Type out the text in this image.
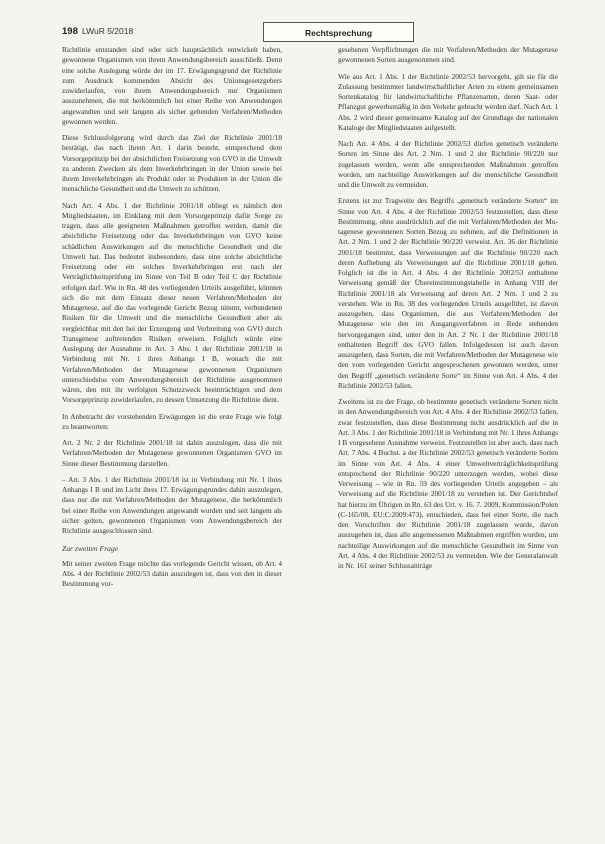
198 LWuR 5/2018	Rechtsprechung

Richtlinie entstanden sind oder sich hauptsächlich entwickelt haben, gewonnene Organismen von ihrem Anwendungsbereich ausschließt. Denn eine solche Auslegung würde der im 17. Erwägungsgrund der Richtlinie zum Ausdruck kommenden Absicht des Unionsgesetzgebers zuwiderlaufen, von ihrem Anwendungsbereich nur Organismen auszunehmen, die mit herkömmlich bei einer Reihe von Anwendungen angewandten und seit langem als sicher geltenden Verfahren/Methoden gewonnen werden.

Diese Schlussfolgerung wird durch das Ziel der Richtlinie 2001/18 bestätigt, das nach ihrem Art. 1 darin besteht, entsprechend dem Vorsorgeprinzip bei der absichtlichen Freisetzung von GVO in die Umwelt zu anderen Zwecken als dem Inverkehrbringen in der Union sowie bei ihrem Inverkehrbringen als Produkt oder in Produkten in der Union die menschliche Gesundheit und die Umwelt zu schützen.

Nach Art. 4 Abs. 1 der Richtlinie 2001/18 obliegt es nämlich den Mitgliedstaaten, im Einklang mit dem Vorsorgeprinzip dafür Sorge zu tragen, dass alle geeigneten Maßnahmen getroffen werden, damit die absichtliche Freisetzung oder das Inverkehrbringen von GVO keine schädlichen Auswirkungen auf die menschliche Gesundheit und die Umwelt hat. Das bedeutet insbesondere, dass eine solche absichtliche Freisetzung oder ein solches Inverkehrbringen erst nach der Verträglichkeitsprüfung im Sinne von Teil B oder Teil C der Richtlinie erfolgen darf. Wie in Rn. 48 des vorliegenden Urteils ausgeführt, könnten sich die mit dem Einsatz dieser neuen Verfahren/Methoden der Mutagenese, auf die das vorlegende Gericht Bezug nimmt, verbundenen Risiken für die Umwelt und die menschliche Gesundheit aber als vergleichbar mit den bei der Erzeugung und Verbreitung von GVO durch Transgenese auftretenden Risiken erweisen. Folglich würde eine Auslegung der Ausnahme in Art. 3 Abs. 1 der Richtlinie 2001/18 in Verbindung mit Nr. 1 ihres Anhangs I B, wonach die mit Verfahren/Methoden der Mutagenese gewonnenen Organismen unterschiedslos vom Anwendungsbereich der Richtlinie ausgenommen wären, den mit ihr verfolgten Schutzzweck beeinträchtigen und dem Vorsorgeprinzip zuwiderlaufen, zu dessen Umsetzung die Richtlinie dient.

In Anbetracht der vorstehenden Erwägungen ist die erste Frage wie folgt zu beantworten:

Art. 2 Nr. 2 der Richtlinie 2001/18 ist dahin auszulegen, dass die mit Verfahren/Methoden der Mutagenese gewonnenen Organismen GVO im Sinne dieser Bestimmung darstellen.

– Art. 3 Abs. 1 der Richtlinie 2001/18 ist in Verbindung mit Nr. 1 ihres Anhangs I B und im Licht ihres 17. Erwägungsgrundes dahin auszulegen, dass nur die mit Verfahren/Methoden der Mutagenese, die herkömmlich bei einer Reihe von Anwendungen angewandt wurden und seit langem als sicher gelten, gewonnenen Organismen vom Anwendungsbereich der Richtlinie ausgeschlossen sind.

Zur zweiten Frage

Mit seiner zweiten Frage möchte das vorlegende Gericht wissen, ob Art. 4 Abs. 4 der Richtlinie 2002/53 dahin auszulegen ist, dass von den in dieser Bestimmung vor-

gesehenen Verpflichtungen die mit Verfahren/Methoden der Mutagenese gewonnenen Sorten ausgenommen sind.

Wie aus Art. 1 Abs. 1 der Richtlinie 2002/53 hervorgeht, gilt sie für die Zulassung bestimmter landwirtschaftlicher Arten zu einem gemeinsamen Sortenkatalog für landwirtschaftliche Pflanzenarten, deren Saat- oder Pflanzgut gewerbsmäßig in den Verkehr gebracht werden darf. Nach Art. 1 Abs. 2 wird dieser gemeinsame Katalog auf der Grundlage der nationalen Kataloge der Mitgliedstaaten aufgestellt.

Nach Art. 4 Abs. 4 der Richtlinie 2002/53 dürfen genetisch veränderte Sorten im Sinne des Art. 2 Nrn. 1 und 2 der Richtlinie 90/220 nur zugelassen werden, wenn alle entsprechenden Maßnahmen getroffen worden, um nachteilige Auswirkungen auf die menschliche Gesundheit und die Umwelt zu vermeiden.

Erstens ist zur Tragweite des Begriffs „genetisch veränderte Sorten“ im Sinne von Art. 4 Abs. 4 der Richtlinie 2002/53 festzustellen, dass diese Bestimmung, ohne ausdrücklich auf die mit Verfahren/Methoden der Mutagenese gewonnenen Sorten Bezug zu nehmen, auf die Definitionen in Art. 2 Nrn. 1 und 2 der Richtlinie 90/220 verweist. Art. 36 der Richtlinie 2001/18 bestimmt, dass Verweisungen auf die Richtlinie 90/220 nach deren Aufhebung als Verweisungen auf die Richtlinie 2001/18 gelten. Folglich ist die in Art. 4 Abs. 4 der Richtlinie 2002/53 enthaltene Verweisung gemäß der Übereinstimmungstabelle in Anhang VIII der Richtlinie 2001/18 als Verweisung auf deren Art. 2 Nrn. 1 und 2 zu verstehen. Wie in Rn. 38 des vorliegenden Urteils ausgeführt, ist davon auszugehen, dass Organismen, die aus Verfahren/Methoden der Mutagenese wie den im Ausgangsverfahren in Rede stehenden hervorgegangen sind, unter den in Art. 2 Nr. 1 der Richtlinie 2001/18 enthaltenen Begriff des GVO fallen. Infolgedessen ist auch davon auszugehen, dass Sorten, die mit Verfahren/Methoden der Mutagenese wie den vom vorlegenden Gericht angesprochenen gewonnen werden, unter den Begriff „genetisch veränderte Sorte“ im Sinne von Art. 4 Abs. 4 der Richtlinie 2002/53 fallen.

Zweitens ist zu der Frage, ob bestimmte genetisch veränderte Sorten nicht in den Anwendungsbereich von Art. 4 Abs. 4 der Richtlinie 2002/53 fallen, zwar festzustellen, dass diese Bestimmung nicht ausdrücklich auf die in Art. 3 Abs. 1 der Richtlinie 2001/18 in Verbindung mit Nr. 1 ihres Anhangs I B vorgesehene Ausnahme verweist. Festzustellen ist aber auch, dass nach Art. 7 Abs. 4 Buchst. a der Richtlinie 2002/53 genetisch veränderte Sorten im Sinne von Art. 4 Abs. 4 einer Umweltverträglichkeitsprüfung entsprechend der Richtlinie 90/220 unterzogen werden, wobei diese Verweisung – wie in Rn. 59 des vorliegenden Urteils angegeben – als Verweisung auf die Richtlinie 2001/18 zu verstehen ist. Der Gerichtshof hat hierzu im Übrigen in Rn. 63 des Urt. v. 16. 7. 2009, Kommission/Polen (C-165/08, EU:C:2009:473), entschieden, dass bei einer Sorte, die nach den Vorschriften der Richtlinie 2001/18 zugelassen wurde, davon auszugehen ist, dass alle angemessenen Maßnahmen ergriffen wurden, um nachteilige Auswirkungen auf die menschliche Gesundheit im Sinne von Art. 4 Abs. 4 der Richtlinie 2002/53 zu vermeiden. Wie der Generalanwalt in Nr. 161 seiner Schlussanträge
